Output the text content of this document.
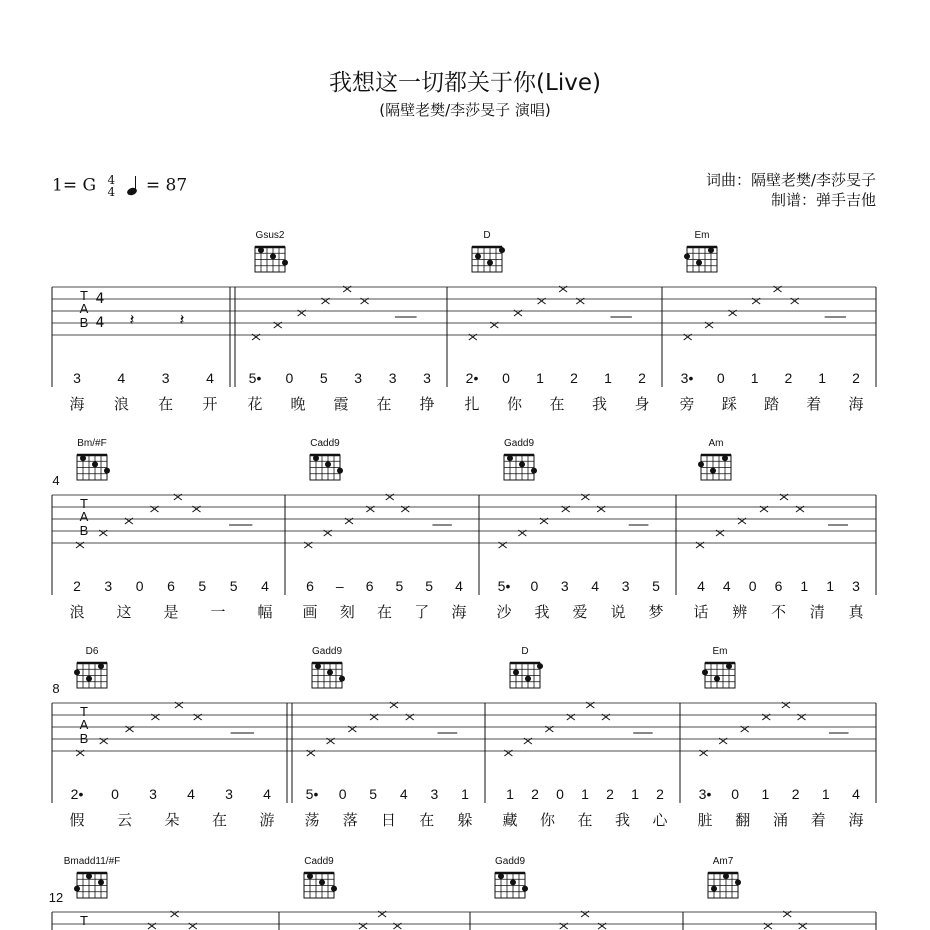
我想这一切都关于你(Live)
(隔壁老樊/李莎旻子 演唱)
1= G 4
4
= 87	词曲：隔壁老樊/李莎旻子
制谱：弹手吉他
T
A
B	𝄽	𝄽
4
4
3	4	3	4
海 浪 在 开
Gsus2
5• 0 5 3 3 3
花 晚 霞 在 挣
D
2• 0 1 2 1 2
扎 你 在 我 身
Em
3• 0 1 2 1 2
旁 踩 踏 着 海
T
A
B
4
Bm/#F
2 3 0 6 5 5 4
浪 这 是 一 幅
Cadd9
6 – 6 5 5 4
画 刻 在 了 海
Gadd9
5• 0 3 4 3 5
沙 我 爱 说 梦
Am
4 4 0 6 1 1 3
话 辨 不 清 真
T
A
B
8
D6
2• 0 3 4 3 4
假 云 朵 在 游
Gadd9
5• 0 5 4 3 1
荡 落 日 在 躲
D
1 2 0 1 2 1 2
藏 你 在 我 心
Em
3• 0 1 2 1 4
脏 翻 涌 着 海
T
12
Bmadd11/#F	Cadd9	Gadd9	Am7
